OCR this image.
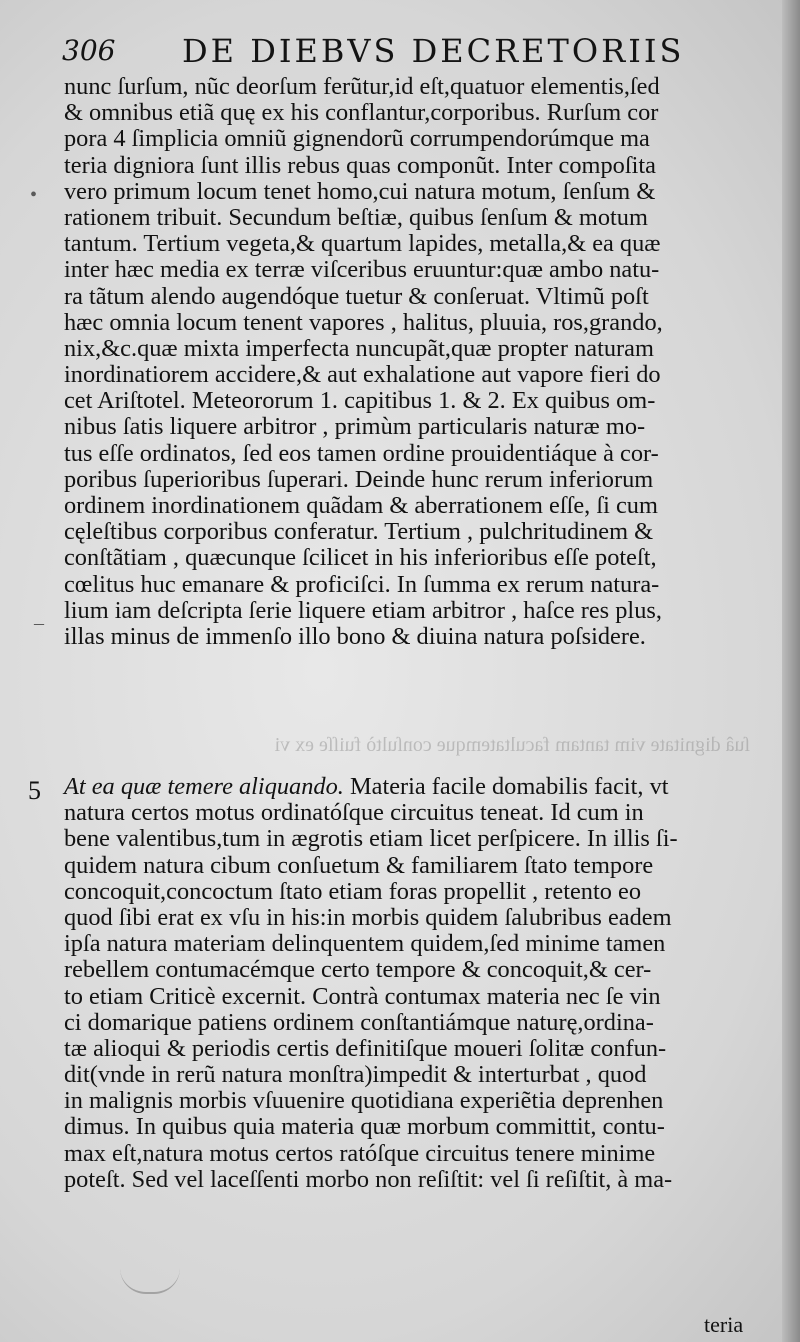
306 DE DIEBVS DECRETORIIS
nunc ſurſum, nũc deorſum ferũtur,id eſt,quatuor elementis,ſed
& omnibus etiã quę ex his conflantur,corporibus. Rurſum cor
pora 4 ſimplicia omniũ gignendorũ corrumpendorúmque ma
teria digniora ſunt illis rebus quas componũt. Inter compoſita
vero primum locum tenet homo,cui natura motum, ſenſum &
rationem tribuit. Secundum beſtiæ, quibus ſenſum & motum
tantum. Tertium vegeta,& quartum lapides, metalla,& ea quæ
inter hæc media ex terræ viſceribus eruuntur:quæ ambo natu-
ra tãtum alendo augendóque tuetur & conſeruat. Vltimũ poſt
hæc omnia locum tenent vapores , halitus, pluuia, ros,grando,
nix,&c.quæ mixta imperfecta nuncupãt,quæ propter naturam
inordinatiorem accidere,& aut exhalatione aut vapore fieri do
cet Ariſtotel. Meteororum 1. capitibus 1. & 2. Ex quibus om-
nibus ſatis liquere arbitror , primùm particularis naturæ mo-
tus eſſe ordinatos, ſed eos tamen ordine prouidentiáque à cor-
poribus ſuperioribus ſuperari. Deinde hunc rerum inferiorum
ordinem inordinationem quãdam & aberrationem eſſe, ſi cum
cęleſtibus corporibus conferatur. Tertium , pulchritudinem &
conſtãtiam , quæcunque ſcilicet in his inferioribus eſſe poteſt,
cœlitus huc emanare & proficiſci. In ſumma ex rerum natura-
lium iam deſcripta ſerie liquere etiam arbitror , haſce res plus,
illas minus de immenſo illo bono & diuina natura poſsidere.
ſuâ dignitate vim tantam facultatemque conſultò fuiſſe ex vi
5
•
–
At ea quæ temere aliquando. Materia facile domabilis facit, vt
natura certos motus ordinatóſque circuitus teneat. Id cum in
bene valentibus,tum in ægrotis etiam licet perſpicere. In illis ſi-
quidem natura cibum conſuetum & familiarem ſtato tempore
concoquit,concoctum ſtato etiam foras propellit , retento eo
quod ſibi erat ex vſu in his:in morbis quidem ſalubribus eadem
ipſa natura materiam delinquentem quidem,ſed minime tamen
rebellem contumacémque certo tempore & concoquit,& cer-
to etiam Criticè excernit. Contrà contumax materia nec ſe vin
ci domarique patiens ordinem conſtantiámque naturę,ordina-
tæ alioqui & periodis certis definitiſque moueri ſolitæ confun-
dit(vnde in rerũ natura monſtra)impedit & interturbat , quod
in malignis morbis vſuuenire quotidiana experiẽtia deprenhen
dimus. In quibus quia materia quæ morbum committit, contu-
max eſt,natura motus certos ratóſque circuitus tenere minime
poteſt. Sed vel laceſſenti morbo non reſiſtit: vel ſi reſiſtit, à ma-
teria
